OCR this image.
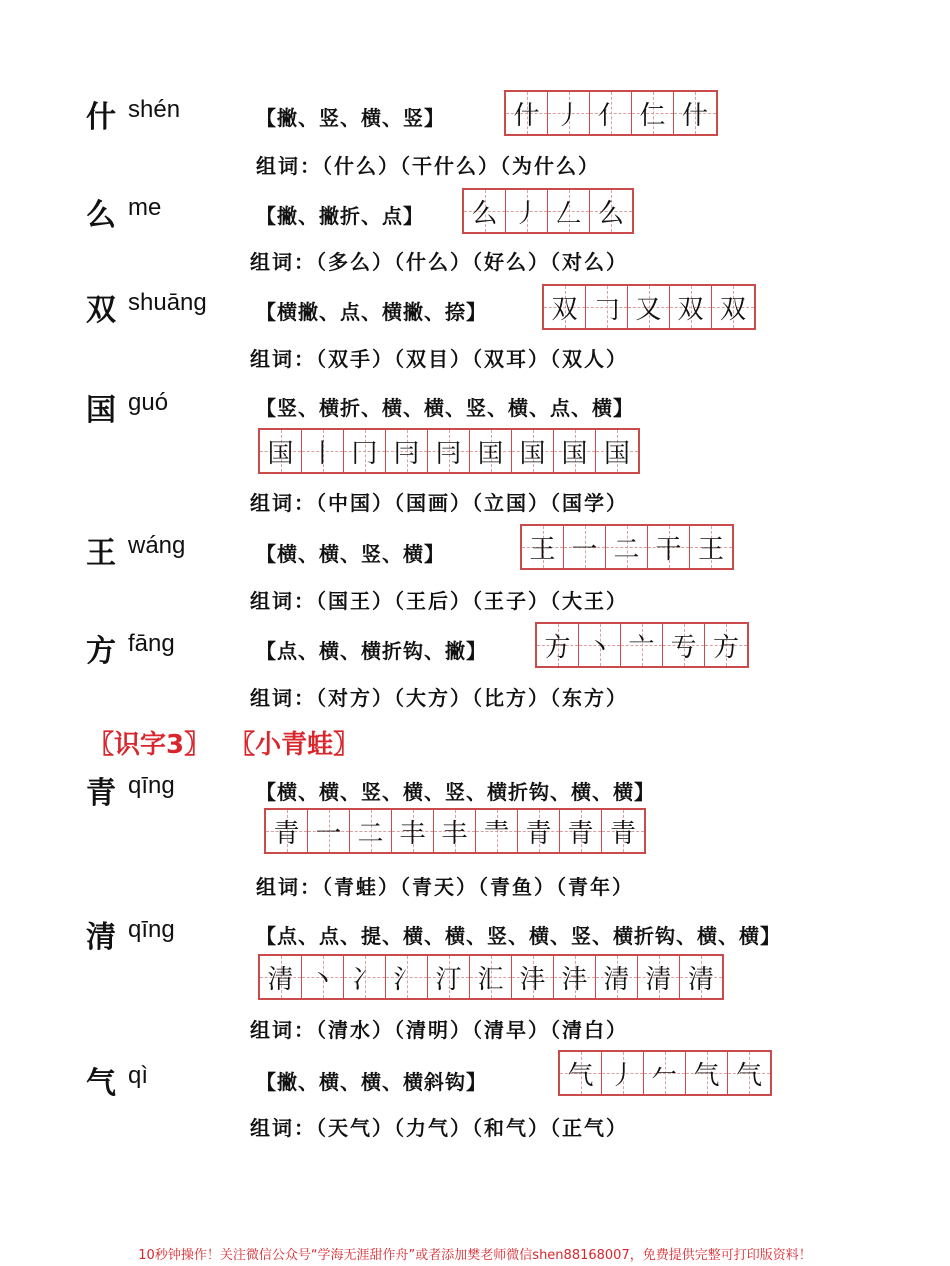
什 shén	【撇、竖、横、竖】	什 丿 亻 仁 什
组词：（什么）（干什么）（为什么）
么 me	【撇、撇折、点】 么 丿 𠃋 么
组词：（多么）（什么）（好么）（对么）
双 shuāng 【横撇、点、横撇、捺】 双 𠃌 又 双 双
组词：（双手）（双目）（双耳）（双人）
国 guó	【竖、横折、横、横、竖、横、点、横】
国 丨 冂 冃 冃 囯 国 国 国
组词：（中国）（国画）（立国）（国学）
王 wáng	【横、横、竖、横】	王 一 二 干 王
组词：（国王）（王后）（王子）（大王）
方 fāng	【点、横、横折钩、撇】 方 丶 亠 亐 方
组词：（对方）（大方）（比方）（东方）
青 qīng	【横、横、竖、横、竖、横折钩、横、横】
青 一 二 丰 丰 龶 青 青 青
组词：（青蛙）（青天）（青鱼）（青年）
清 qīng	【点、点、提、横、横、竖、横、竖、横折钩、横、横】
清 丶 冫 氵 汀 汇 沣 沣 清 清 清
组词：（清水）（清明）（清早）（清白）
气 qì	【撇、横、横、横斜钩】	气 丿 𠂉 气 气
组词：（天气）（力气）（和气）（正气）
〖识字3〗 〖小青蛙〗
10秒钟操作！关注微信公众号“学海无涯甜作舟”或者添加樊老师微信shen88168007，免费提供完整可打印版资料！
